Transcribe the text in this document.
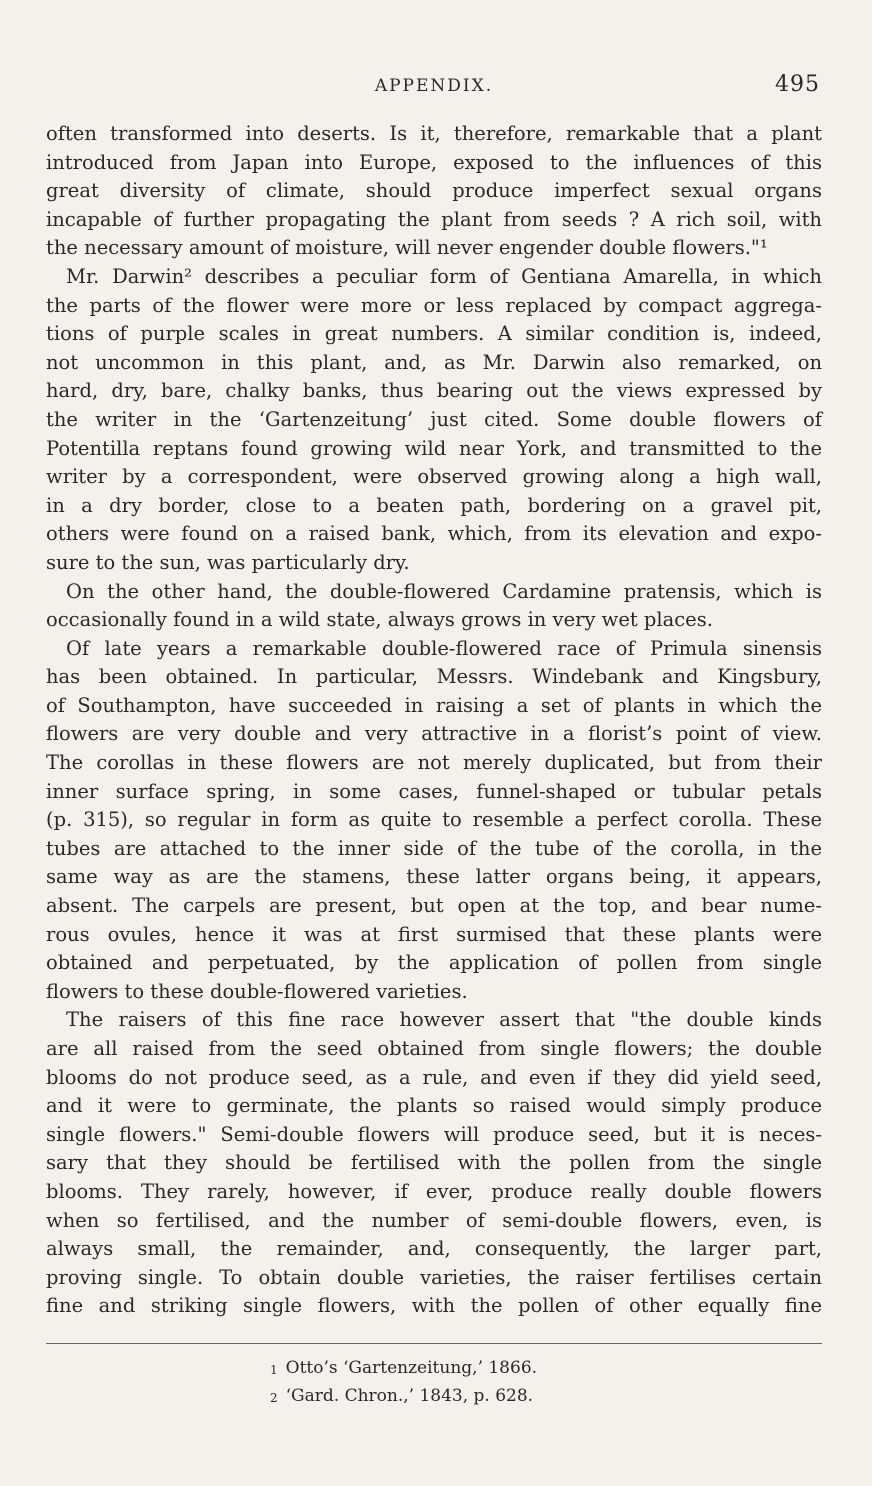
APPENDIX.	495

often transformed into deserts. Is it, therefore, remarkable that a plant
introduced from Japan into Europe, exposed to the influences of this
great diversity of climate, should produce imperfect sexual organs
incapable of further propagating the plant from seeds ? A rich soil, with
the necessary amount of moisture, will never engender double flowers."¹

Mr. Darwin² describes a peculiar form of Gentiana Amarella, in which
the parts of the flower were more or less replaced by compact aggrega-
tions of purple scales in great numbers. A similar condition is, indeed,
not uncommon in this plant, and, as Mr. Darwin also remarked, on
hard, dry, bare, chalky banks, thus bearing out the views expressed by
the writer in the ‘Gartenzeitung’ just cited. Some double flowers of
Potentilla reptans found growing wild near York, and transmitted to the
writer by a correspondent, were observed growing along a high wall,
in a dry border, close to a beaten path, bordering on a gravel pit,
others were found on a raised bank, which, from its elevation and expo-
sure to the sun, was particularly dry.

On the other hand, the double-flowered Cardamine pratensis, which is
occasionally found in a wild state, always grows in very wet places.

Of late years a remarkable double-flowered race of Primula sinensis
has been obtained. In particular, Messrs. Windebank and Kingsbury,
of Southampton, have succeeded in raising a set of plants in which the
flowers are very double and very attractive in a florist’s point of view.
The corollas in these flowers are not merely duplicated, but from their
inner surface spring, in some cases, funnel-shaped or tubular petals
(p. 315), so regular in form as quite to resemble a perfect corolla. These
tubes are attached to the inner side of the tube of the corolla, in the
same way as are the stamens, these latter organs being, it appears,
absent. The carpels are present, but open at the top, and bear nume-
rous ovules, hence it was at first surmised that these plants were
obtained and perpetuated, by the application of pollen from single
flowers to these double-flowered varieties.

The raisers of this fine race however assert that "the double kinds
are all raised from the seed obtained from single flowers; the double
blooms do not produce seed, as a rule, and even if they did yield seed,
and it were to germinate, the plants so raised would simply produce
single flowers." Semi-double flowers will produce seed, but it is neces-
sary that they should be fertilised with the pollen from the single
blooms. They rarely, however, if ever, produce really double flowers
when so fertilised, and the number of semi-double flowers, even, is
always small, the remainder, and, consequently, the larger part,
proving single. To obtain double varieties, the raiser fertilises certain
fine and striking single flowers, with the pollen of other equally fine

$^1$ Otto’s ‘Gartenzeitung,’ 1866.
$^2$ ‘Gard. Chron.,’ 1843, p. 628.
